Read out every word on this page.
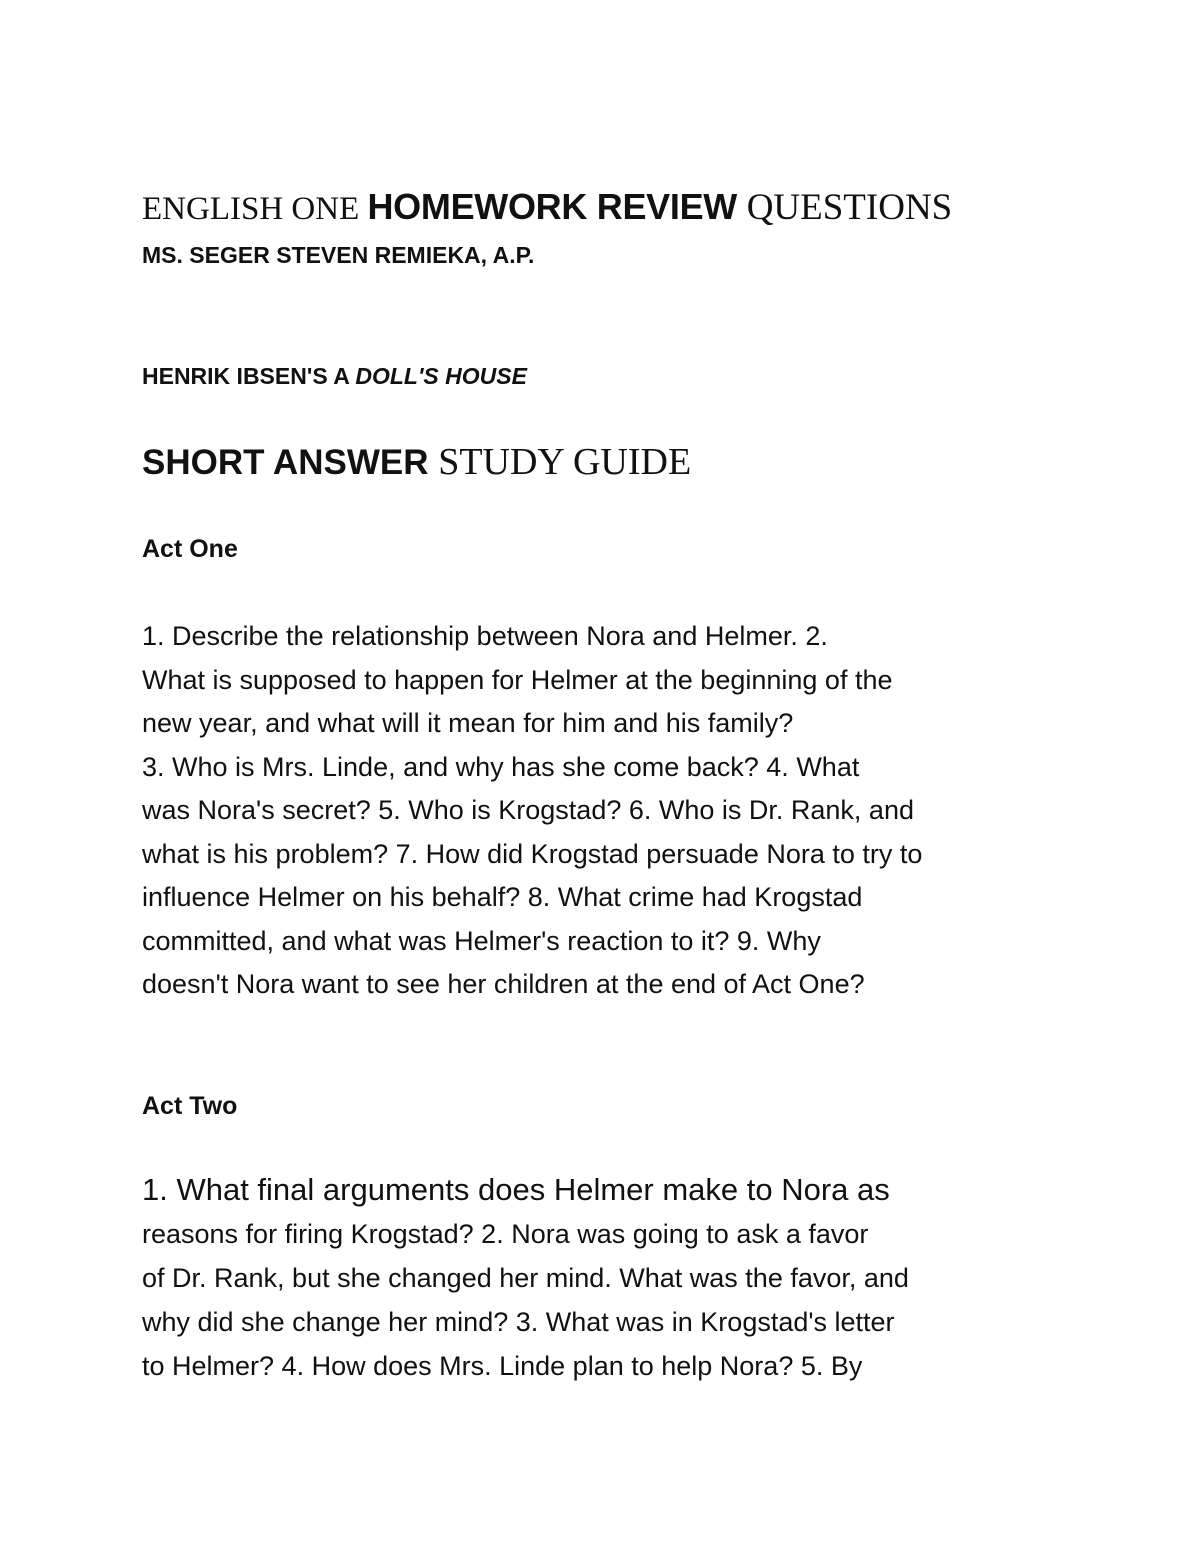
ENGLISH ONE HOMEWORK REVIEW QUESTIONS
MS. SEGER STEVEN REMIEKA, A.P.
HENRIK IBSEN'S A DOLL'S HOUSE
SHORT ANSWER STUDY GUIDE
Act One
1. Describe the relationship between Nora and Helmer. 2.
What is supposed to happen for Helmer at the beginning of the
new year, and what will it mean for him and his family?
3. Who is Mrs. Linde, and why has she come back? 4. What
was Nora's secret? 5. Who is Krogstad? 6. Who is Dr. Rank, and
what is his problem? 7. How did Krogstad persuade Nora to try to
influence Helmer on his behalf? 8. What crime had Krogstad
committed, and what was Helmer's reaction to it? 9. Why
doesn't Nora want to see her children at the end of Act One?
Act Two
1. What final arguments does Helmer make to Nora as
reasons for firing Krogstad? 2. Nora was going to ask a favor
of Dr. Rank, but she changed her mind. What was the favor, and
why did she change her mind? 3. What was in Krogstad's letter
to Helmer? 4. How does Mrs. Linde plan to help Nora? 5. By
